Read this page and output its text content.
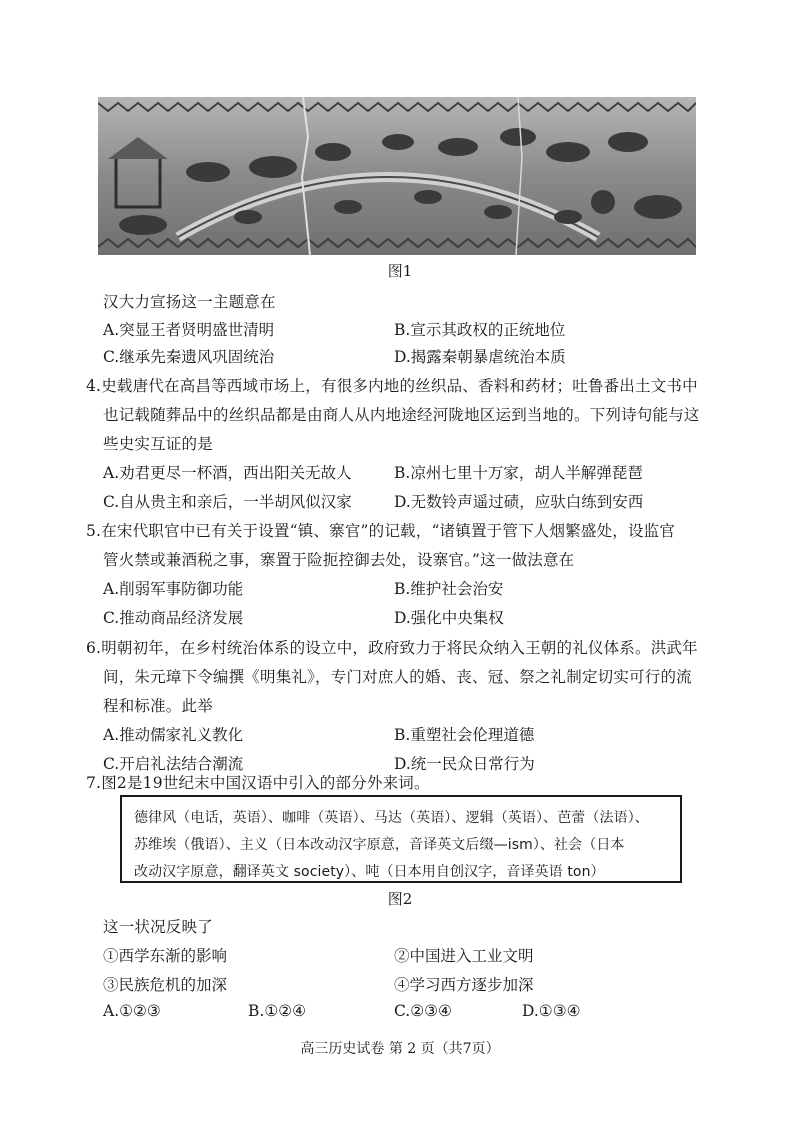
图1
汉大力宣扬这一主题意在
A.突显王者贤明盛世清明	B.宣示其政权的正统地位
C.继承先秦遗风巩固统治	D.揭露秦朝暴虐统治本质
4.史载唐代在高昌等西域市场上，有很多内地的丝织品、香料和药材；吐鲁番出土文书中
也记载随葬品中的丝织品都是由商人从内地途经河陇地区运到当地的。下列诗句能与这
些史实互证的是
A.劝君更尽一杯酒，西出阳关无故人	B.凉州七里十万家，胡人半解弹琵琶
C.自从贵主和亲后，一半胡风似汉家	D.无数铃声遥过碛，应驮白练到安西
5.在宋代职官中已有关于设置“镇、寨官”的记载，“诸镇置于管下人烟繁盛处，设监官
管火禁或兼酒税之事，寨置于险扼控御去处，设寨官。”这一做法意在
A.削弱军事防御功能	B.维护社会治安
C.推动商品经济发展	D.强化中央集权
6.明朝初年，在乡村统治体系的设立中，政府致力于将民众纳入王朝的礼仪体系。洪武年
间，朱元璋下令编撰《明集礼》，专门对庶人的婚、丧、冠、祭之礼制定切实可行的流
程和标准。此举
A.推动儒家礼义教化	B.重塑社会伦理道德
C.开启礼法结合潮流	D.统一民众日常行为
7.图2是19世纪末中国汉语中引入的部分外来词。
德律风（电话，英语）、咖啡（英语）、马达（英语）、逻辑（英语）、芭蕾（法语）、
苏维埃（俄语）、主义（日本改动汉字原意，音译英文后缀—ism）、社会（日本
改动汉字原意，翻译英文 society）、吨（日本用自创汉字，音译英语 ton）
图2
这一状况反映了
①西学东渐的影响	②中国进入工业文明
③民族危机的加深	④学习西方逐步加深
A.①②③	B.①②④	C.②③④	D.①③④
高三历史试卷 第 2 页（共7页）
